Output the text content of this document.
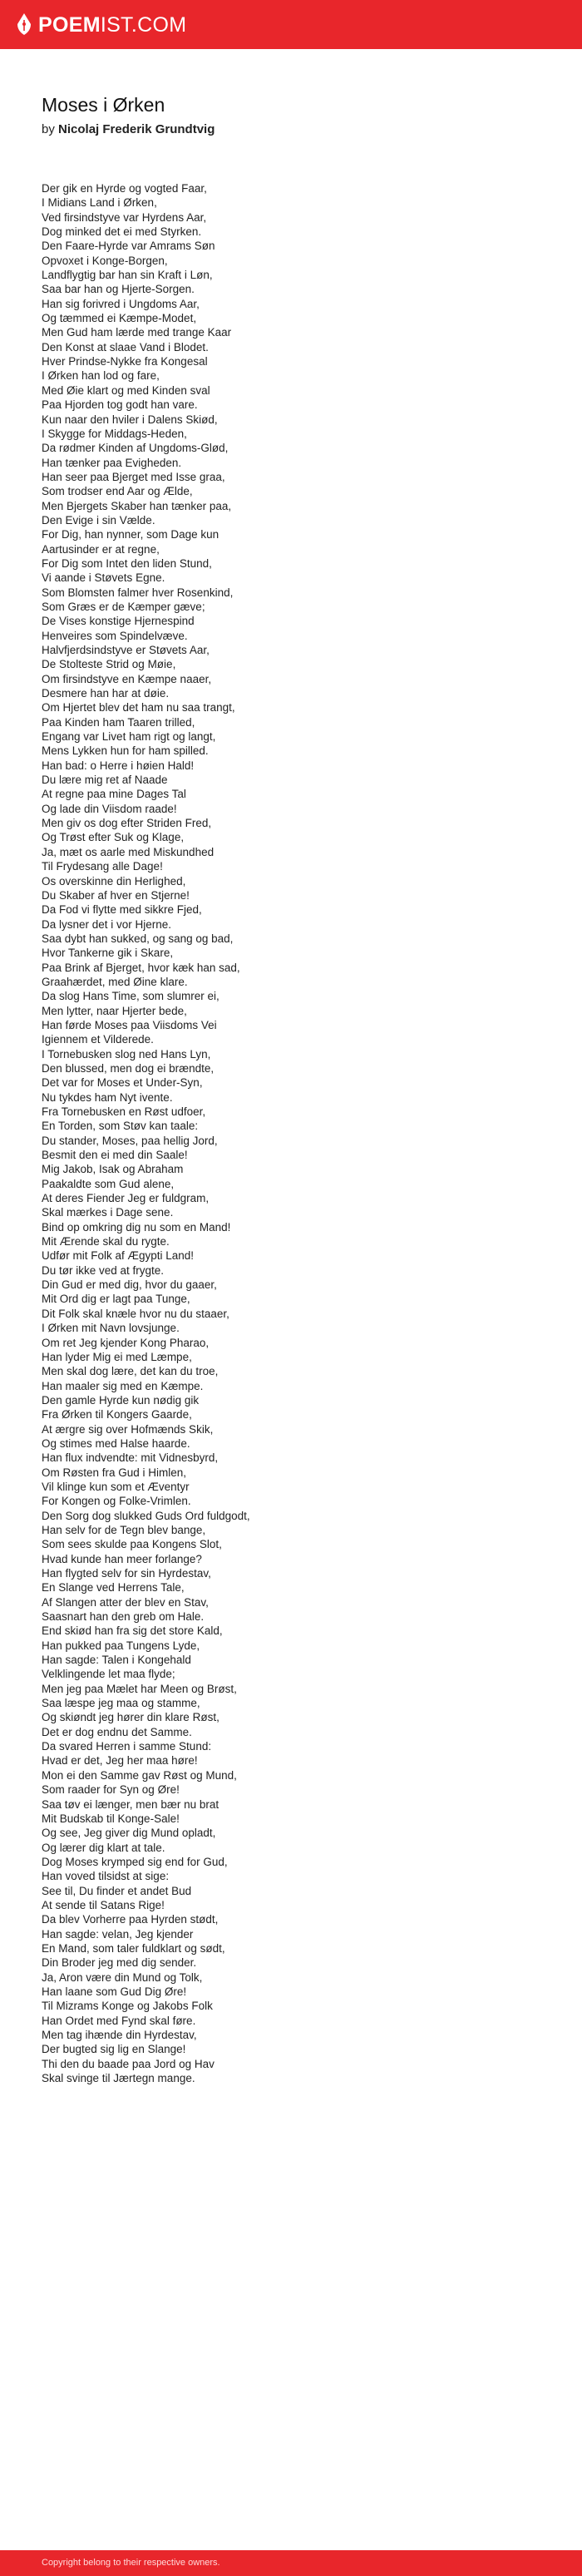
POEMIST.COM
Moses i Ørken
by Nicolaj Frederik Grundtvig
Der gik en Hyrde og vogted Faar,
I Midians Land i Ørken,
Ved firsindstyve var Hyrdens Aar,
Dog minked det ei med Styrken.
Den Faare-Hyrde var Amrams Søn
Opvoxet i Konge-Borgen,
Landflygtig bar han sin Kraft i Løn,
Saa bar han og Hjerte-Sorgen.
Han sig forivred i Ungdoms Aar,
Og tæmmed ei Kæmpe-Modet,
Men Gud ham lærde med trange Kaar
Den Konst at slaae Vand i Blodet.
Hver Prindse-Nykke fra Kongesal
I Ørken han lod og fare,
Med Øie klart og med Kinden sval
Paa Hjorden tog godt han vare.
Kun naar den hviler i Dalens Skiød,
I Skygge for Middags-Heden,
Da rødmer Kinden af Ungdoms-Glød,
Han tænker paa Evigheden.
Han seer paa Bjerget med Isse graa,
Som trodser end Aar og Ælde,
Men Bjergets Skaber han tænker paa,
Den Evige i sin Vælde.
For Dig, han nynner, som Dage kun
Aartusinder er at regne,
For Dig som Intet den liden Stund,
Vi aande i Støvets Egne.
Som Blomsten falmer hver Rosenkind,
Som Græs er de Kæmper gæve;
De Vises konstige Hjernespind
Henveires som Spindelvæve.
Halvfjerdsindstyve er Støvets Aar,
De Stolteste Strid og Møie,
Om firsindstyve en Kæmpe naaer,
Desmere han har at døie.
Om Hjertet blev det ham nu saa trangt,
Paa Kinden ham Taaren trilled,
Engang var Livet ham rigt og langt,
Mens Lykken hun for ham spilled.
Han bad: o Herre i høien Hald!
Du lære mig ret af Naade
At regne paa mine Dages Tal
Og lade din Viisdom raade!
Men giv os dog efter Striden Fred,
Og Trøst efter Suk og Klage,
Ja, mæt os aarle med Miskundhed
Til Frydesang alle Dage!
Os overskinne din Herlighed,
Du Skaber af hver en Stjerne!
Da Fod vi flytte med sikkre Fjed,
Da lysner det i vor Hjerne.
Saa dybt han sukked, og sang og bad,
Hvor Tankerne gik i Skare,
Paa Brink af Bjerget, hvor kæk han sad,
Graahærdet, med Øine klare.
Da slog Hans Time, som slumrer ei,
Men lytter, naar Hjerter bede,
Han førde Moses paa Viisdoms Vei
Igiennem et Vilderede.
I Tornebusken slog ned Hans Lyn,
Den blussed, men dog ei brændte,
Det var for Moses et Under-Syn,
Nu tykdes ham Nyt ivente.
Fra Tornebusken en Røst udfoer,
En Torden, som Støv kan taale:
Du stander, Moses, paa hellig Jord,
Besmit den ei med din Saale!
Mig Jakob, Isak og Abraham
Paakaldte som Gud alene,
At deres Fiender Jeg er fuldgram,
Skal mærkes i Dage sene.
Bind op omkring dig nu som en Mand!
Mit Ærende skal du rygte.
Udfør mit Folk af Ægypti Land!
Du tør ikke ved at frygte.
Din Gud er med dig, hvor du gaaer,
Mit Ord dig er lagt paa Tunge,
Dit Folk skal knæle hvor nu du staaer,
I Ørken mit Navn lovsjunge.
Om ret Jeg kjender Kong Pharao,
Han lyder Mig ei med Læmpe,
Men skal dog lære, det kan du troe,
Han maaler sig med en Kæmpe.
Den gamle Hyrde kun nødig gik
Fra Ørken til Kongers Gaarde,
At ærgre sig over Hofmænds Skik,
Og stimes med Halse haarde.
Han flux indvendte: mit Vidnesbyrd,
Om Røsten fra Gud i Himlen,
Vil klinge kun som et Æventyr
For Kongen og Folke-Vrimlen.
Den Sorg dog slukked Guds Ord fuldgodt,
Han selv for de Tegn blev bange,
Som sees skulde paa Kongens Slot,
Hvad kunde han meer forlange?
Han flygted selv for sin Hyrdestav,
En Slange ved Herrens Tale,
Af Slangen atter der blev en Stav,
Saasnart han den greb om Hale.
End skiød han fra sig det store Kald,
Han pukked paa Tungens Lyde,
Han sagde: Talen i Kongehald
Velklingende let maa flyde;
Men jeg paa Mælet har Meen og Brøst,
Saa læspe jeg maa og stamme,
Og skiøndt jeg hører din klare Røst,
Det er dog endnu det Samme.
Da svared Herren i samme Stund:
Hvad er det, Jeg her maa høre!
Mon ei den Samme gav Røst og Mund,
Som raader for Syn og Øre!
Saa tøv ei længer, men bær nu brat
Mit Budskab til Konge-Sale!
Og see, Jeg giver dig Mund opladt,
Og lærer dig klart at tale.
Dog Moses krymped sig end for Gud,
Han voved tilsidst at sige:
See til, Du finder et andet Bud
At sende til Satans Rige!
Da blev Vorherre paa Hyrden stødt,
Han sagde: velan, Jeg kjender
En Mand, som taler fuldklart og sødt,
Din Broder jeg med dig sender.
Ja, Aron være din Mund og Tolk,
Han laane som Gud Dig Øre!
Til Mizrams Konge og Jakobs Folk
Han Ordet med Fynd skal føre.
Men tag ihænde din Hyrdestav,
Der bugted sig lig en Slange!
Thi den du baade paa Jord og Hav
Skal svinge til Jærtegn mange.
Copyright belong to their respective owners.
